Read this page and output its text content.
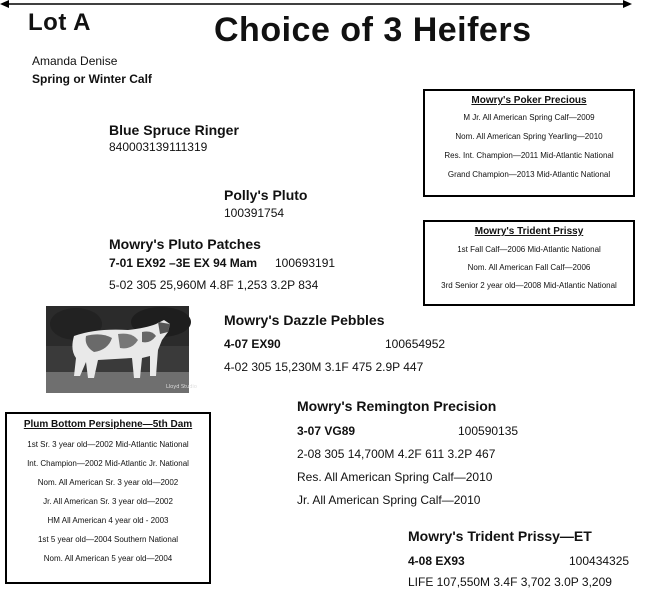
Lot A	Choice of 3 Heifers
Amanda Denise
Spring or Winter Calf
Blue Spruce Ringer
840003139111319
Polly's Pluto
100391754
Mowry's Pluto Patches
7-01 EX92 –3E EX 94 Mam 100693191
5-02 305 25,960M 4.8F 1,253 3.2P 834
Lloyd Studio
Mowry's Dazzle Pebbles
4-07 EX90	100654952
4-02 305 15,230M 3.1F 475 2.9P 447
Mowry's Remington Precision
3-07 VG89	100590135
2-08 305 14,700M 4.2F 611 3.2P 467
Res. All American Spring Calf—2010
Jr. All American Spring Calf—2010
Mowry's Trident Prissy—ET
4-08 EX93	100434325
LIFE 107,550M 3.4F 3,702 3.0P 3,209
Mowry's Poker Precious
M Jr. All American Spring Calf—2009
Nom. All American Spring Yearling—2010
Res. Int. Champion—2011 Mid-Atlantic National
Grand Champion—2013 Mid-Atlantic National
Mowry's Trident Prissy
1st Fall Calf—2006 Mid-Atlantic National
Nom. All American Fall Calf—2006
3rd Senior 2 year old—2008 Mid-Atlantic National
Plum Bottom Persiphene—5th Dam
1st Sr. 3 year old—2002 Mid-Atlantic National
Int. Champion—2002 Mid-Atlantic Jr. National
Nom. All American Sr. 3 year old—2002
Jr. All American Sr. 3 year old—2002
HM All American 4 year old - 2003
1st 5 year old—2004 Southern National
Nom. All American 5 year old—2004
